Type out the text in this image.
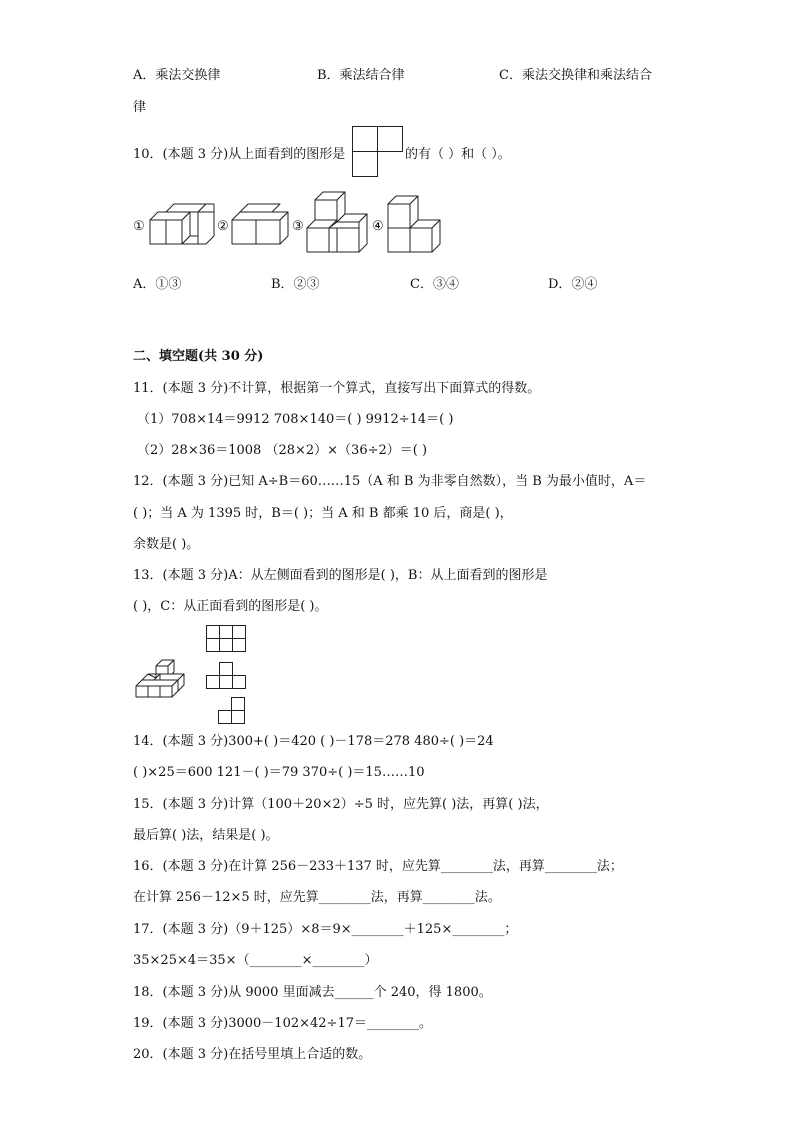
A．乘法交换律	B．乘法结合律	C．乘法交换律和乘法结合
律
10．(本题 3 分)从上面看到的图形是	的有（ ）和（ ）。
①	②	③	④
A．①③	B．②③	C．③④	D．②④
二、填空题(共 30 分)
11．(本题 3 分)不计算，根据第一个算式，直接写出下面算式的得数。
（1）708×14＝9912 708×140＝( ) 9912÷14＝( )
（2）28×36＝1008 （28×2）×（36÷2）＝( )
12．(本题 3 分)已知 A÷B＝60……15（A 和 B 为非零自然数），当 B 为最小值时，A＝
( )；当 A 为 1395 时，B＝( )；当 A 和 B 都乘 10 后，商是( )，
余数是( )。
13．(本题 3 分)A：从左侧面看到的图形是( )，B：从上面看到的图形是
( )，C：从正面看到的图形是( )。
14．(本题 3 分)300+( )＝420 ( )－178＝278 480÷( )＝24
( )×25＝600 121－( )＝79 370÷( )＝15……10
15．(本题 3 分)计算（100＋20×2）÷5 时，应先算( )法，再算( )法，
最后算( )法，结果是( )。
16．(本题 3 分)在计算 256－233＋137 时，应先算________法，再算________法；
在计算 256－12×5 时，应先算________法，再算________法。
17．(本题 3 分)（9＋125）×8＝9×________＋125×________；
35×25×4＝35×（________×________）
18．(本题 3 分)从 9000 里面减去______个 240，得 1800。
19．(本题 3 分)3000－102×42÷17＝________。
20．(本题 3 分)在括号里填上合适的数。
